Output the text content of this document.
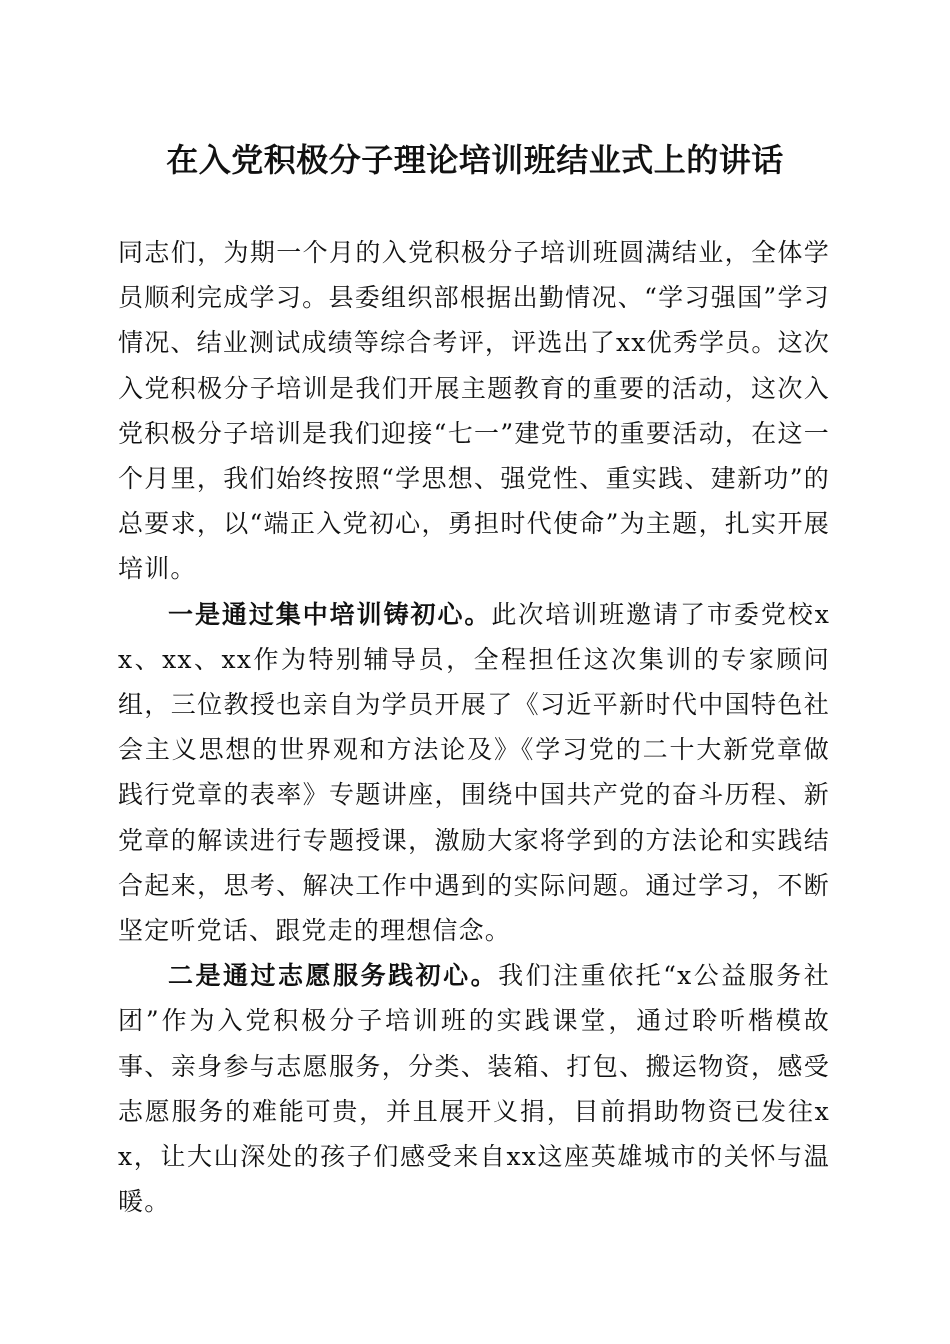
在入党积极分子理论培训班结业式上的讲话

同志们，为期一个月的入党积极分子培训班圆满结业，全体学员顺利完成学习。县委组织部根据出勤情况、“学习强国”学习情况、结业测试成绩等综合考评，评选出了xx优秀学员。这次入党积极分子培训是我们开展主题教育的重要的活动，这次入党积极分子培训是我们迎接“七一”建党节的重要活动，在这一个月里，我们始终按照“学思想、强党性、重实践、建新功”的总要求，以“端正入党初心，勇担时代使命”为主题，扎实开展培训。

一是通过集中培训铸初心。此次培训班邀请了市委党校xx、xx、xx作为特别辅导员，全程担任这次集训的专家顾问组，三位教授也亲自为学员开展了《习近平新时代中国特色社会主义思想的世界观和方法论及》《学习党的二十大新党章做践行党章的表率》专题讲座，围绕中国共产党的奋斗历程、新党章的解读进行专题授课，激励大家将学到的方法论和实践结合起来，思考、解决工作中遇到的实际问题。通过学习，不断坚定听党话、跟党走的理想信念。

二是通过志愿服务践初心。我们注重依托“x公益服务社团”作为入党积极分子培训班的实践课堂，通过聆听楷模故事、亲身参与志愿服务，分类、装箱、打包、搬运物资，感受志愿服务的难能可贵，并且展开义捐，目前捐助物资已发往xx，让大山深处的孩子们感受来自xx这座英雄城市的关怀与温暖。
